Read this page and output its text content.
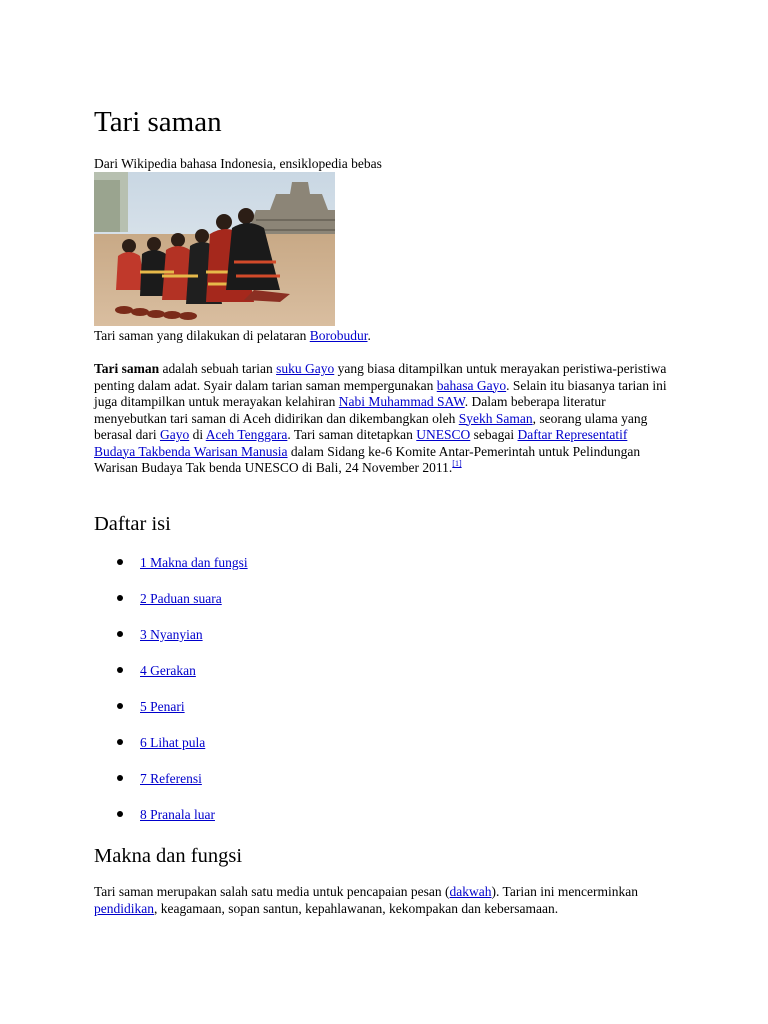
Tari saman
Dari Wikipedia bahasa Indonesia, ensiklopedia bebas
Tari saman yang dilakukan di pelataran Borobudur.

Tari saman adalah sebuah tarian suku Gayo yang biasa ditampilkan untuk merayakan peristiwa-peristiwa penting dalam adat. Syair dalam tarian saman mempergunakan bahasa Gayo. Selain itu biasanya tarian ini juga ditampilkan untuk merayakan kelahiran Nabi Muhammad SAW. Dalam beberapa literatur menyebutkan tari saman di Aceh didirikan dan dikembangkan oleh Syekh Saman, seorang ulama yang berasal dari Gayo di Aceh Tenggara. Tari saman ditetapkan UNESCO sebagai Daftar Representatif Budaya Takbenda Warisan Manusia dalam Sidang ke-6 Komite Antar-Pemerintah untuk Pelindungan Warisan Budaya Tak benda UNESCO di Bali, 24 November 2011.[1]

Daftar isi
1 Makna dan fungsi
2 Paduan suara
3 Nyanyian
4 Gerakan
5 Penari
6 Lihat pula
7 Referensi
8 Pranala luar
Makna dan fungsi

Tari saman merupakan salah satu media untuk pencapaian pesan (dakwah). Tarian ini mencerminkan pendidikan, keagamaan, sopan santun, kepahlawanan, kekompakan dan kebersamaan.
